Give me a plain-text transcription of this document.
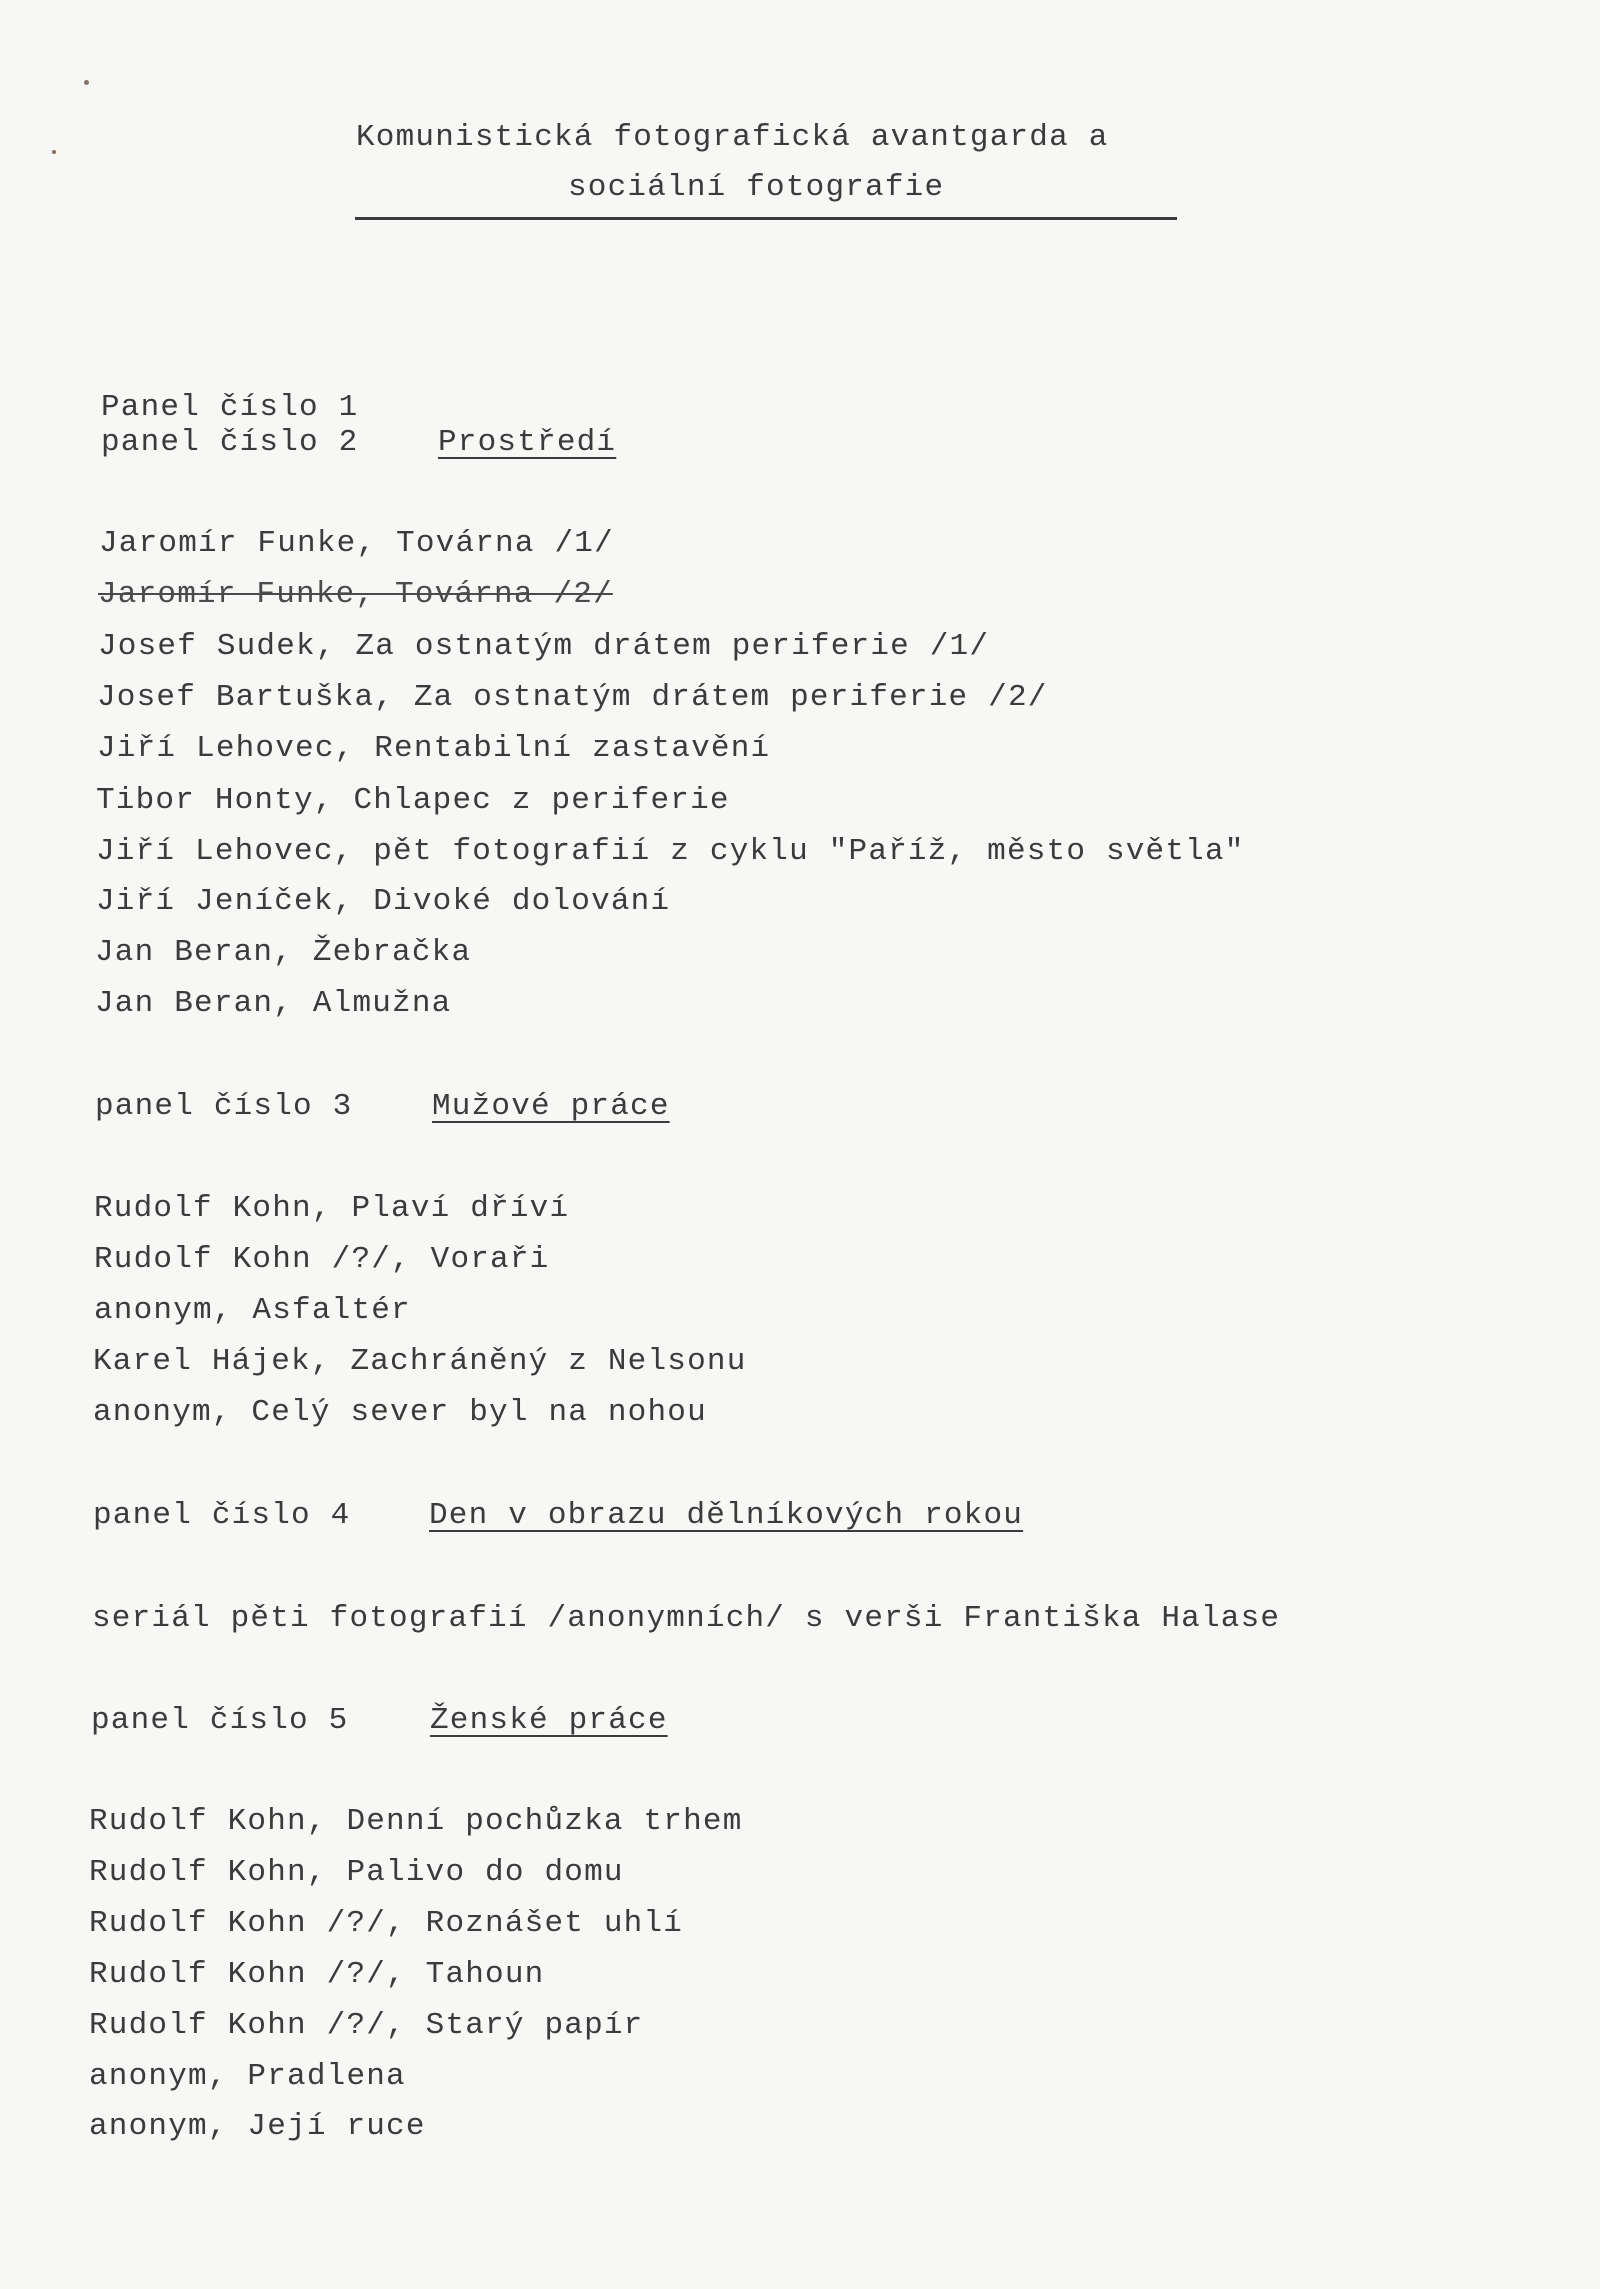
Komunistická fotografická avantgarda a
sociální fotografie
Panel číslo 1
panel číslo 2	Prostředí
Jaromír Funke, Továrna /1/
Jaromír Funke, Továrna /2/
Josef Sudek, Za ostnatým drátem periferie /1/
Josef Bartuška, Za ostnatým drátem periferie /2/
Jiří Lehovec, Rentabilní zastavění
Tibor Honty, Chlapec z periferie
Jiří Lehovec, pět fotografií z cyklu "Paříž, město světla"
Jiří Jeníček, Divoké dolování
Jan Beran, Žebračka
Jan Beran, Almužna
panel číslo 3	Mužové práce
Rudolf Kohn, Plaví dříví
Rudolf Kohn /?/, Voraři
anonym, Asfaltér
Karel Hájek, Zachráněný z Nelsonu
anonym, Celý sever byl na nohou
panel číslo 4	Den v obrazu dělníkových rokou
seriál pěti fotografií /anonymních/ s verši Františka Halase
panel číslo 5	Ženské práce
Rudolf Kohn, Denní pochůzka trhem
Rudolf Kohn, Palivo do domu
Rudolf Kohn /?/, Roznášet uhlí
Rudolf Kohn /?/, Tahoun
Rudolf Kohn /?/, Starý papír
anonym, Pradlena
anonym, Její ruce
